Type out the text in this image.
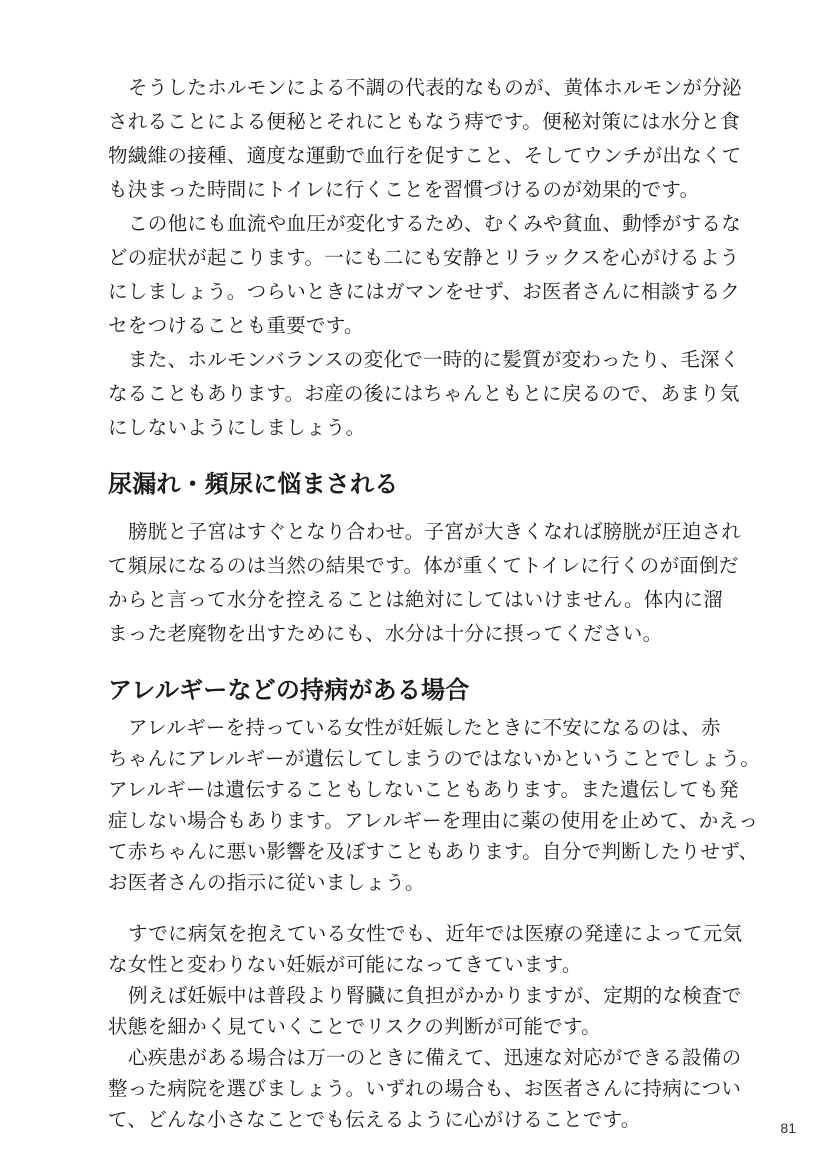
そうしたホルモンによる不調の代表的なものが、黄体ホルモンが分泌

されることによる便秘とそれにともなう痔です。便秘対策には水分と食

物繊維の接種、適度な運動で血行を促すこと、そしてウンチが出なくて

も決まった時間にトイレに行くことを習慣づけるのが効果的です。

この他にも血流や血圧が変化するため、むくみや貧血、動悸がするな

どの症状が起こります。一にも二にも安静とリラックスを心がけるよう

にしましょう。つらいときにはガマンをせず、お医者さんに相談するク

セをつけることも重要です。

また、ホルモンバランスの変化で一時的に髪質が変わったり、毛深く

なることもあります。お産の後にはちゃんともとに戻るので、あまり気

にしないようにしましょう。

尿漏れ・頻尿に悩まされる

膀胱と子宮はすぐとなり合わせ。子宮が大きくなれば膀胱が圧迫され

て頻尿になるのは当然の結果です。体が重くてトイレに行くのが面倒だ

からと言って水分を控えることは絶対にしてはいけません。体内に溜

まった老廃物を出すためにも、水分は十分に摂ってください。

アレルギーなどの持病がある場合

アレルギーを持っている女性が妊娠したときに不安になるのは、赤

ちゃんにアレルギーが遺伝してしまうのではないかということでしょう。

アレルギーは遺伝することもしないこともあります。また遺伝しても発

症しない場合もあります。アレルギーを理由に薬の使用を止めて、かえっ

て赤ちゃんに悪い影響を及ぼすこともあります。自分で判断したりせず、

お医者さんの指示に従いましょう。

すでに病気を抱えている女性でも、近年では医療の発達によって元気

な女性と変わりない妊娠が可能になってきています。

例えば妊娠中は普段より腎臓に負担がかかりますが、定期的な検査で

状態を細かく見ていくことでリスクの判断が可能です。

81

心疾患がある場合は万一のときに備えて、迅速な対応ができる設備の

整った病院を選びましょう。いずれの場合も、お医者さんに持病につい

て、どんな小さなことでも伝えるように心がけることです。
